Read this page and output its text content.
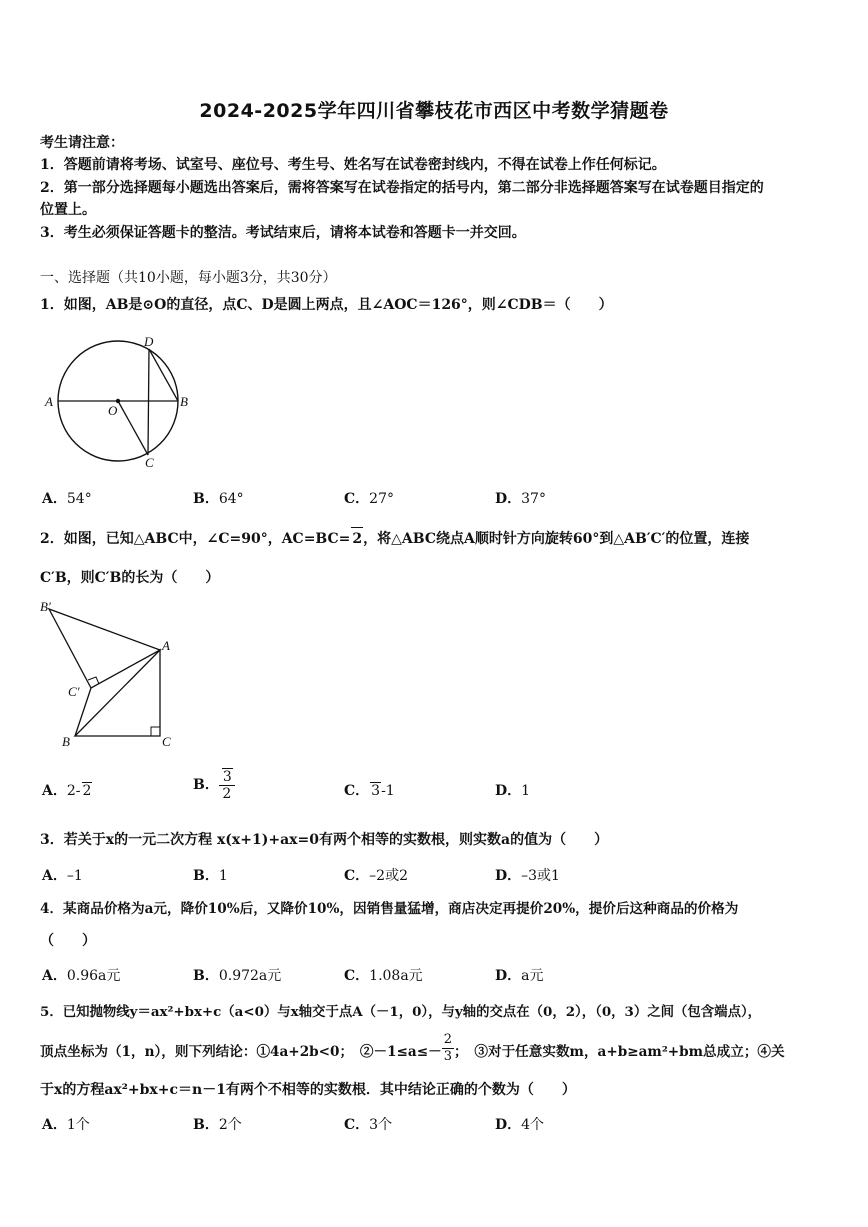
2024-2025学年四川省攀枝花市西区中考数学猜题卷
考生请注意：
1．答题前请将考场、试室号、座位号、考生号、姓名写在试卷密封线内，不得在试卷上作任何标记。
2．第一部分选择题每小题选出答案后，需将答案写在试卷指定的括号内，第二部分非选择题答案写在试卷题目指定的
位置上。
3．考生必须保证答题卡的整洁。考试结束后，请将本试卷和答题卡一并交回。
一、选择题（共10小题，每小题3分，共30分）
1．如图，AB是⊙O的直径，点C、D是圆上两点，且∠AOC＝126°，则∠CDB＝（　　）
A	B
C
D
O
A．54°	B．64°	C．27°	D．37°
2．如图，已知△ABC中，∠C=90°，AC=BC= 2，将△ABC绕点A顺时针方向旋转60°到△AB′C′的位置，连接
C′B，则C′B的长为（　　）
B′
A
C′
B	C
A．2- 2	B． $\frac{3}{2}$	C． 3-1	D．1
3．若关于x的一元二次方程 x(x+1)+ax=0有两个相等的实数根，则实数a的值为（　　）
A．–1	B．1	C．–2或2	D．–3或1
4．某商品价格为a元，降价10%后，又降价10%，因销售量猛增，商店决定再提价20%，提价后这种商品的价格为
（　　）
A．0.96a元	B．0.972a元	C．1.08a元	D．a元
5．已知抛物线y＝ax²+bx+c（a<0）与x轴交于点A（－1，0），与y轴的交点在（0，2），（0，3）之间（包含端点），
顶点坐标为（1，n），则下列结论：①4a+2b<0；　②－1≤a≤－ $\frac{2}{3}$ ；　③对于任意实数m，a+b≥am²+bm总成立；④关
于x的方程ax²+bx+c＝n－1有两个不相等的实数根．其中结论正确的个数为（　　）
A．1个	B．2个	C．3个	D．4个
